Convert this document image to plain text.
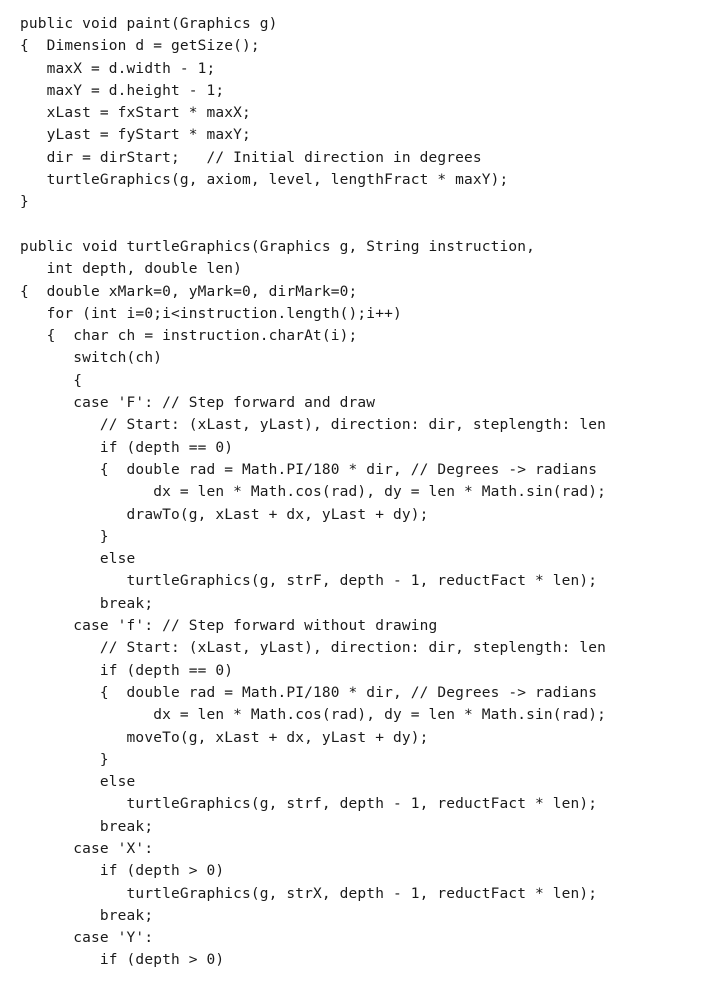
public void paint(Graphics g)
{  Dimension d = getSize();
maxX = d.width - 1;
maxY = d.height - 1;
xLast = fxStart * maxX;
yLast = fyStart * maxY;
dir = dirStart;   // Initial direction in degrees
turtleGraphics(g, axiom, level, lengthFract * maxY);
}
public void turtleGraphics(Graphics g, String instruction,
int depth, double len)
{  double xMark=0, yMark=0, dirMark=0;
for (int i=0;i<instruction.length();i++)
{  char ch = instruction.charAt(i);
switch(ch)
{
case 'F': // Step forward and draw
// Start: (xLast, yLast), direction: dir, steplength: len
if (depth == 0)
{  double rad = Math.PI/180 * dir, // Degrees -> radians
dx = len * Math.cos(rad), dy = len * Math.sin(rad);
drawTo(g, xLast + dx, yLast + dy);
}
else
turtleGraphics(g, strF, depth - 1, reductFact * len);
break;
case 'f': // Step forward without drawing
// Start: (xLast, yLast), direction: dir, steplength: len
if (depth == 0)
{  double rad = Math.PI/180 * dir, // Degrees -> radians
dx = len * Math.cos(rad), dy = len * Math.sin(rad);
moveTo(g, xLast + dx, yLast + dy);
}
else
turtleGraphics(g, strf, depth - 1, reductFact * len);
break;
case 'X':
if (depth > 0)
turtleGraphics(g, strX, depth - 1, reductFact * len);
break;
case 'Y':
if (depth > 0)
